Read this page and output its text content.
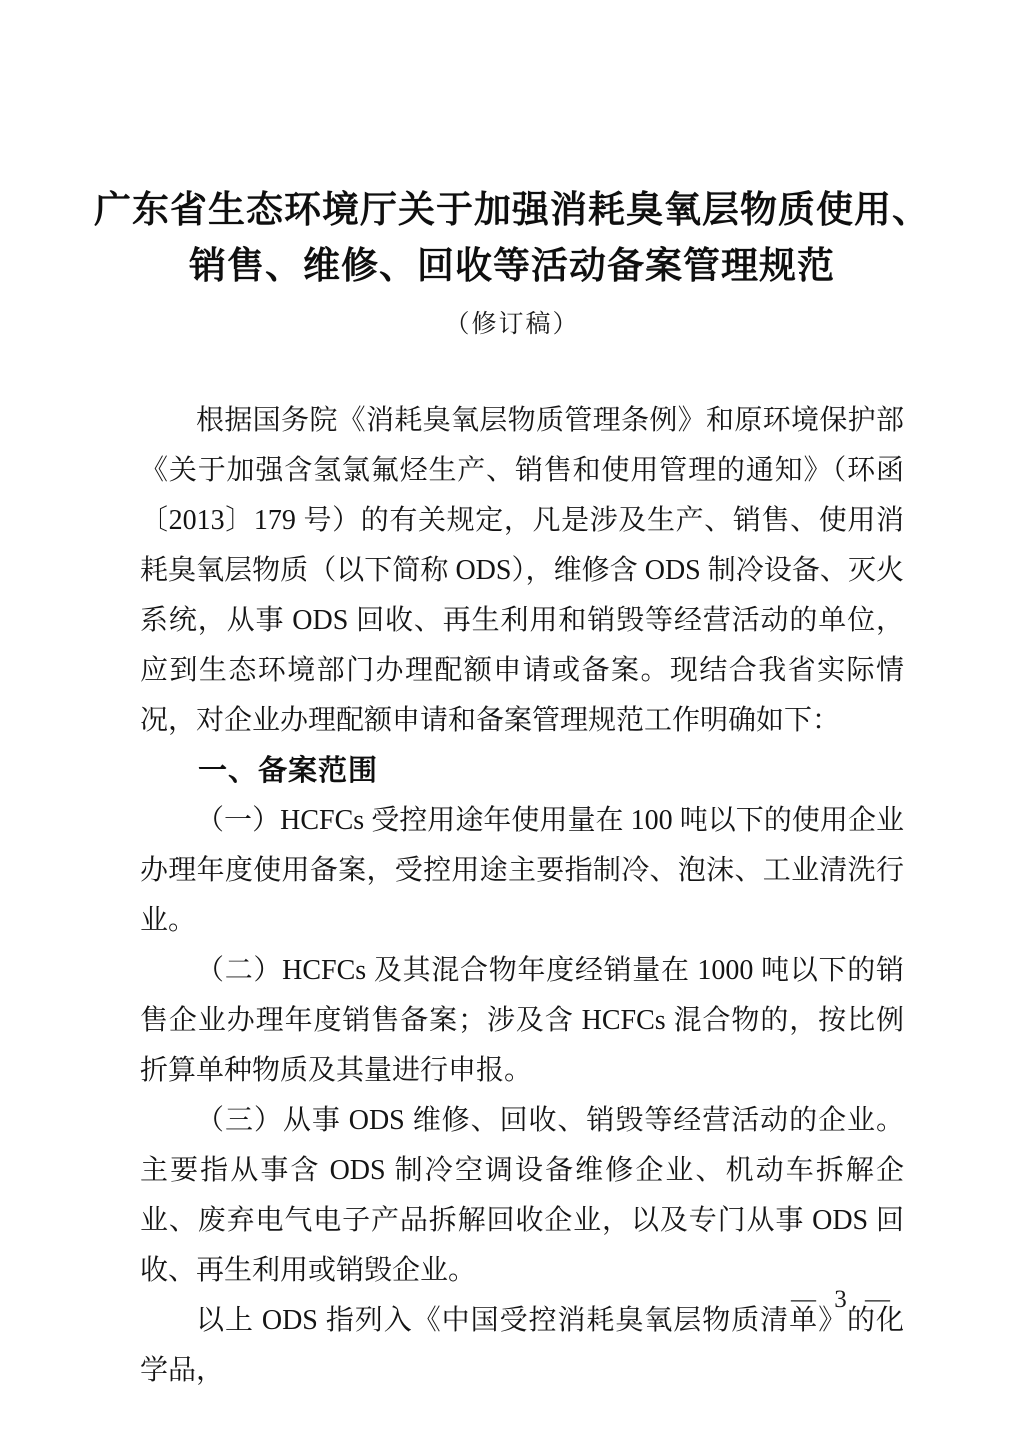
广东省生态环境厅关于加强消耗臭氧层物质使用、
销售、维修、回收等活动备案管理规范
（修订稿）

根据国务院《消耗臭氧层物质管理条例》和原环境保护部《关于加强含氢氯氟烃生产、销售和使用管理的通知》（环函〔2013〕179 号）的有关规定，凡是涉及生产、销售、使用消耗臭氧层物质（以下简称 ODS），维修含 ODS 制冷设备、灭火系统，从事 ODS 回收、再生利用和销毁等经营活动的单位，应到生态环境部门办理配额申请或备案。现结合我省实际情况，对企业办理配额申请和备案管理规范工作明确如下：

一、备案范围

（一）HCFCs 受控用途年使用量在 100 吨以下的使用企业办理年度使用备案，受控用途主要指制冷、泡沫、工业清洗行业。

（二）HCFCs 及其混合物年度经销量在 1000 吨以下的销售企业办理年度销售备案；涉及含 HCFCs 混合物的，按比例折算单种物质及其量进行申报。

（三）从事 ODS 维修、回收、销毁等经营活动的企业。主要指从事含 ODS 制冷空调设备维修企业、机动车拆解企业、废弃电气电子产品拆解回收企业，以及专门从事 ODS 回收、再生利用或销毁企业。

以上 ODS 指列入《中国受控消耗臭氧层物质清单》的化学品，

— 3 —
